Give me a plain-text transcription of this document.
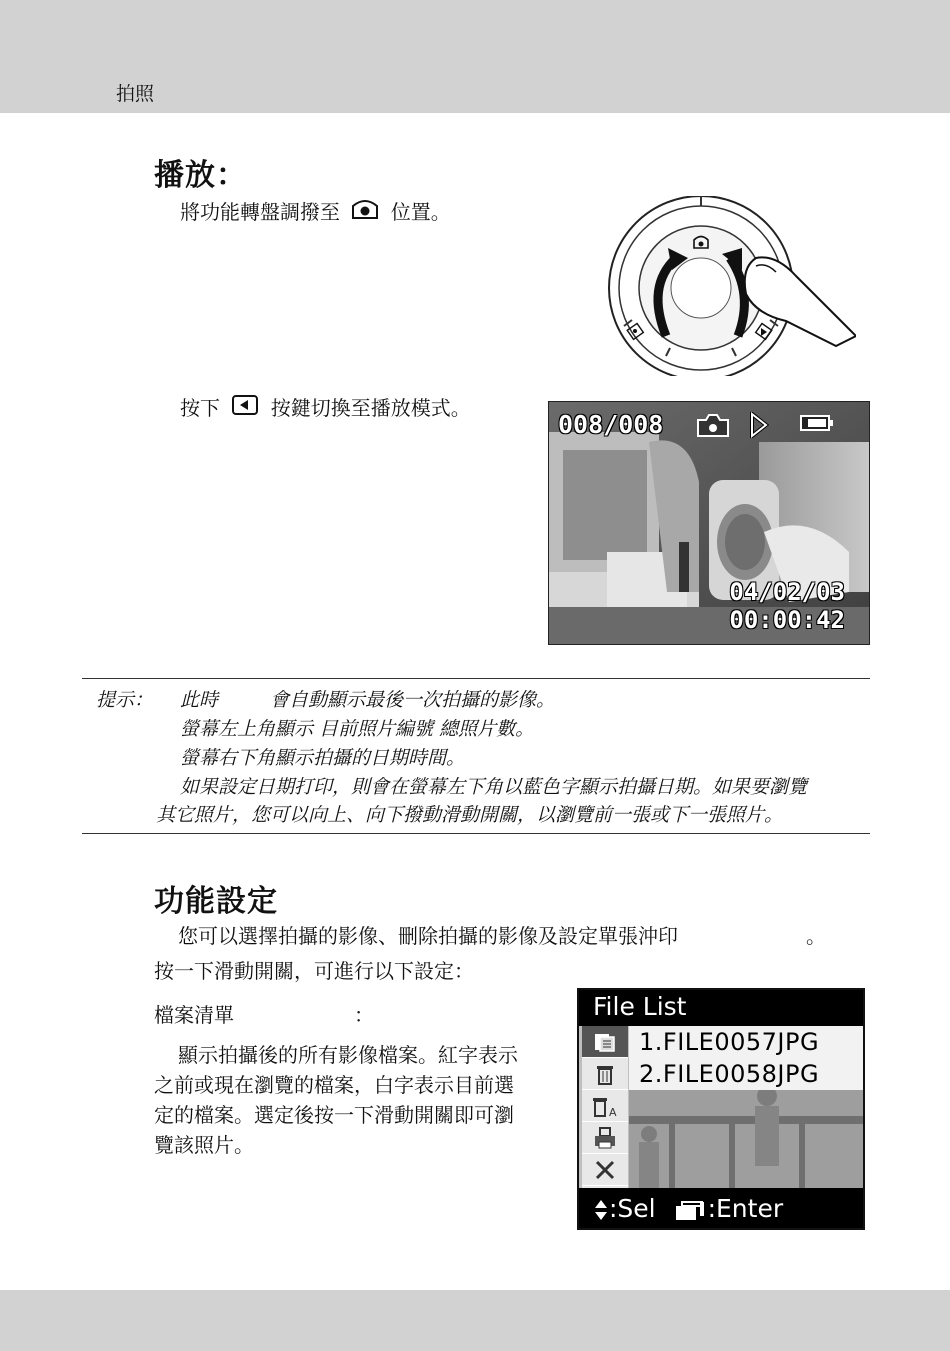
拍照
播放：
將功能轉盤調撥至	位置。
按下	按鍵切換至播放模式。
008/008
04/02/03
00:00:42
提示： 此時	會自動顯示最後一次拍攝的影像。
螢幕左上角顯示 目前照片編號 總照片數。
螢幕右下角顯示拍攝的日期時間。
如果設定日期打印，則會在螢幕左下角以藍色字顯示拍攝日期。如果要瀏覽
其它照片，您可以向上、向下撥動滑動開關，以瀏覽前一張或下一張照片。
功能設定
您可以選擇拍攝的影像、刪除拍攝的影像及設定單張沖印	。
按一下滑動開關，可進行以下設定：
檔案清單	：
顯示拍攝後的所有影像檔案。紅字表示
之前或現在瀏覽的檔案，白字表示目前選
定的檔案。選定後按一下滑動開關即可瀏
覽該照片。
File List
A
1.FILE0057JPG
2.FILE0058JPG
:Sel :Enter
